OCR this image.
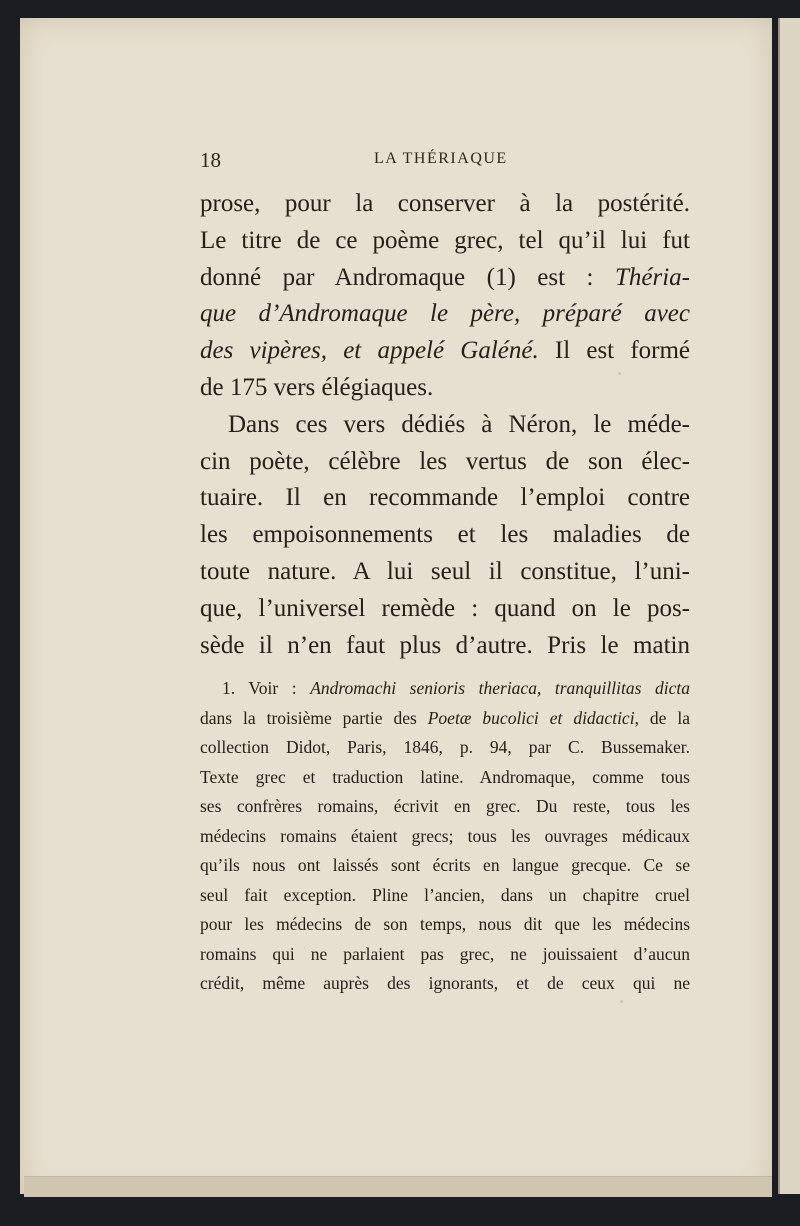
18	LA THÉRIAQUE
prose, pour la conserver à la postérité.
Le titre de ce poème grec, tel qu’il lui fut
donné par Andromaque (1) est : Théria-
que d’Andromaque le père, préparé avec
des vipères, et appelé Galéné. Il est formé
de 175 vers élégiaques.
Dans ces vers dédiés à Néron, le méde-
cin poète, célèbre les vertus de son élec-
tuaire. Il en recommande l’emploi contre
les empoisonnements et les maladies de
toute nature. A lui seul il constitue, l’uni-
que, l’universel remède : quand on le pos-
sède il n’en faut plus d’autre. Pris le matin
1. Voir : Andromachi senioris theriaca, tranquillitas dicta
dans la troisième partie des Poetæ bucolici et didactici, de la
collection Didot, Paris, 1846, p. 94, par C. Bussemaker.
Texte grec et traduction latine. Andromaque, comme tous
ses confrères romains, écrivit en grec. Du reste, tous les
médecins romains étaient grecs; tous les ouvrages médicaux
qu’ils nous ont laissés sont écrits en langue grecque. Ce se
seul fait exception. Pline l’ancien, dans un chapitre cruel
pour les médecins de son temps, nous dit que les médecins
romains qui ne parlaient pas grec, ne jouissaient d’aucun
crédit, même auprès des ignorants, et de ceux qui ne
